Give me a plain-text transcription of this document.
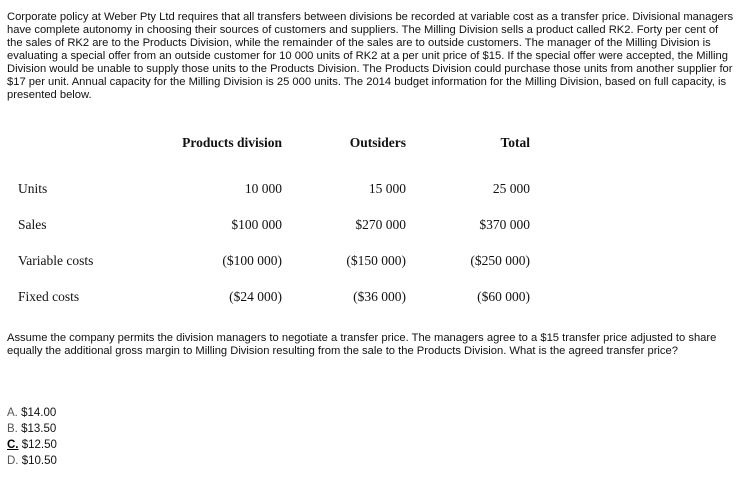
Corporate policy at Weber Pty Ltd requires that all transfers between divisions be recorded at variable cost as a transfer price. Divisional managers have complete autonomy in choosing their sources of customers and suppliers. The Milling Division sells a product called RK2. Forty per cent of the sales of RK2 are to the Products Division, while the remainder of the sales are to outside customers. The manager of the Milling Division is evaluating a special offer from an outside customer for 10 000 units of RK2 at a per unit price of $15. If the special offer were accepted, the Milling Division would be unable to supply those units to the Products Division. The Products Division could purchase those units from another supplier for $17 per unit. Annual capacity for the Milling Division is 25 000 units. The 2014 budget information for the Milling Division, based on full capacity, is presented below.
	Products division	Outsiders	Total
Units	10 000	15 000	25 000
Sales	$100 000	$270 000	$370 000
Variable costs	($100 000)	($150 000)	($250 000)
Fixed costs	($24 000)	($36 000)	($60 000)
Assume the company permits the division managers to negotiate a transfer price. The managers agree to a $15 transfer price adjusted to share equally the additional gross margin to Milling Division resulting from the sale to the Products Division. What is the agreed transfer price?
A. $14.00
B. $13.50
C. $12.50
D. $10.50
